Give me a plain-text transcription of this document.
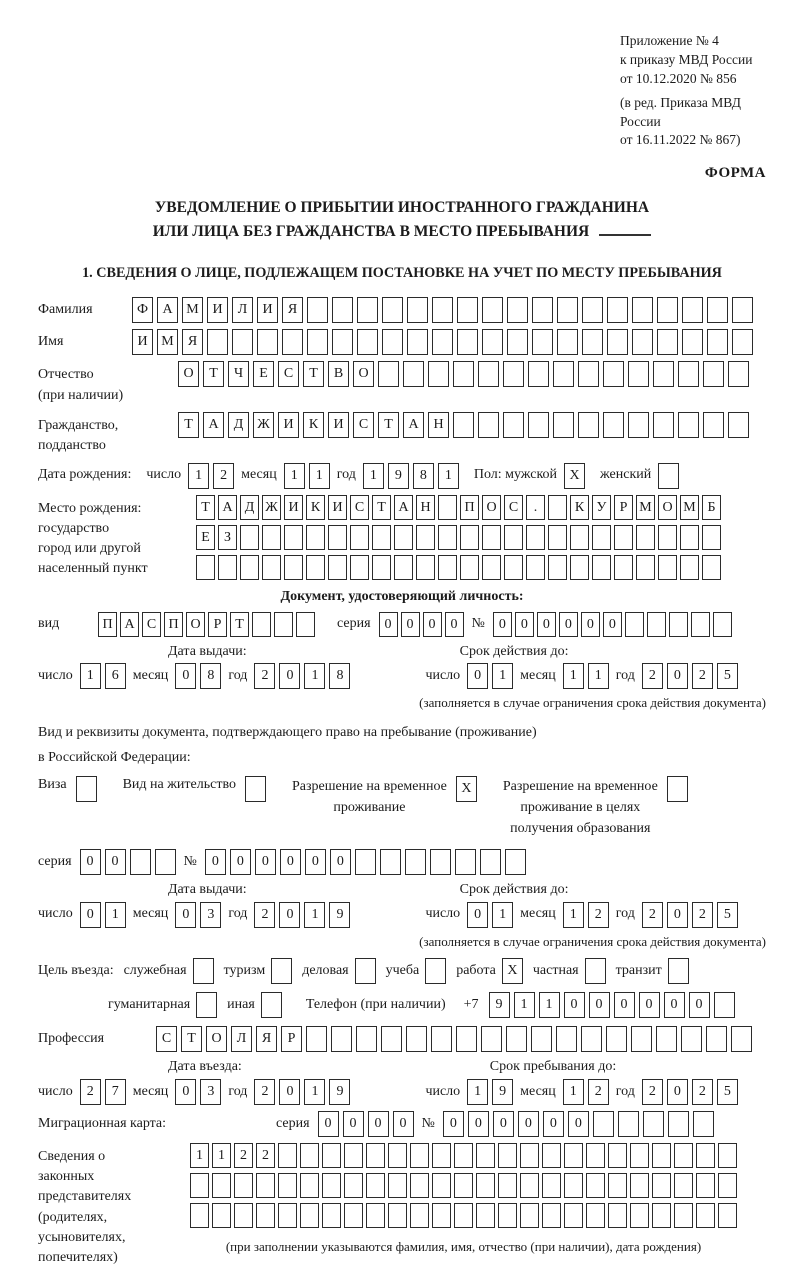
Приложение № 4
к приказу МВД России
от 10.12.2020 № 856
(в ред. Приказа МВД России
от 16.11.2022 № 867)
ФОРМА
УВЕДОМЛЕНИЕ О ПРИБЫТИИ ИНОСТРАННОГО ГРАЖДАНИНА
ИЛИ ЛИЦА БЕЗ ГРАЖДАНСТВА В МЕСТО ПРЕБЫВАНИЯ
1. СВЕДЕНИЯ О ЛИЦЕ, ПОДЛЕЖАЩЕМ ПОСТАНОВКЕ НА УЧЕТ ПО МЕСТУ ПРЕБЫВАНИЯ
Фамилия	Ф	А М И	Л	И	Я
Имя	И М	Я
Отчество
(при наличии)
О	Т	Ч	Е	С	Т	В	О
Гражданство,
подданство
Т	А	Д Ж И	К	И	С	Т	А	Н
Дата рождения: число	1	2	месяц	1	1	год	1	9	8	1	Пол: мужской X	женский
Место рождения:
государство
город или другой
населенный пункт
Т А Д Ж И К И С Т А Н	П О С	.	К У Р М О М Б
Е	З
Документ, удостоверяющий личность:
вид	П А С П О Р Т	серия	0	0	0	0	№	0	0	0	0	0	0
Дата выдачи:	Срок действия до:
число	1	6	месяц	0	8	год	2	0	1	8	число	0	1	месяц	1	1	год	2	0	2	5
(заполняется в случае ограничения срока действия документа)
Вид и реквизиты документа, подтверждающего право на пребывание (проживание)
в Российской Федерации:
Виза	Вид на жительство	Разрешение на временное
проживание
X	Разрешение на временное
проживание в целях
получения образования
серия	0	0	№	0	0	0	0	0	0
Дата выдачи:	Срок действия до:
число	0	1	месяц	0	3	год	2	0	1	9	число	0	1	месяц	1	2	год	2	0	2	5
(заполняется в случае ограничения срока действия документа)
Цель въезда: служебная	туризм	деловая	учеба	работа X	частная	транзит
гуманитарная	иная	Телефон (при наличии) +7	9	1	1	0	0	0	0	0	0
Профессия	С	Т	О	Л	Я	Р
Дата въезда:	Срок пребывания до:
число	2	7	месяц	0	3	год	2	0	1	9	число	1	9	месяц	1	2	год	2	0	2	5
Миграционная карта:	серия	0	0	0	0	№	0	0	0	0	0	0
Сведения о
законных
представителях
(родителях,
усыновителях,
попечителях)
1	1	2	2
(при заполнении указываются фамилия, имя, отчество (при наличии), дата рождения)
